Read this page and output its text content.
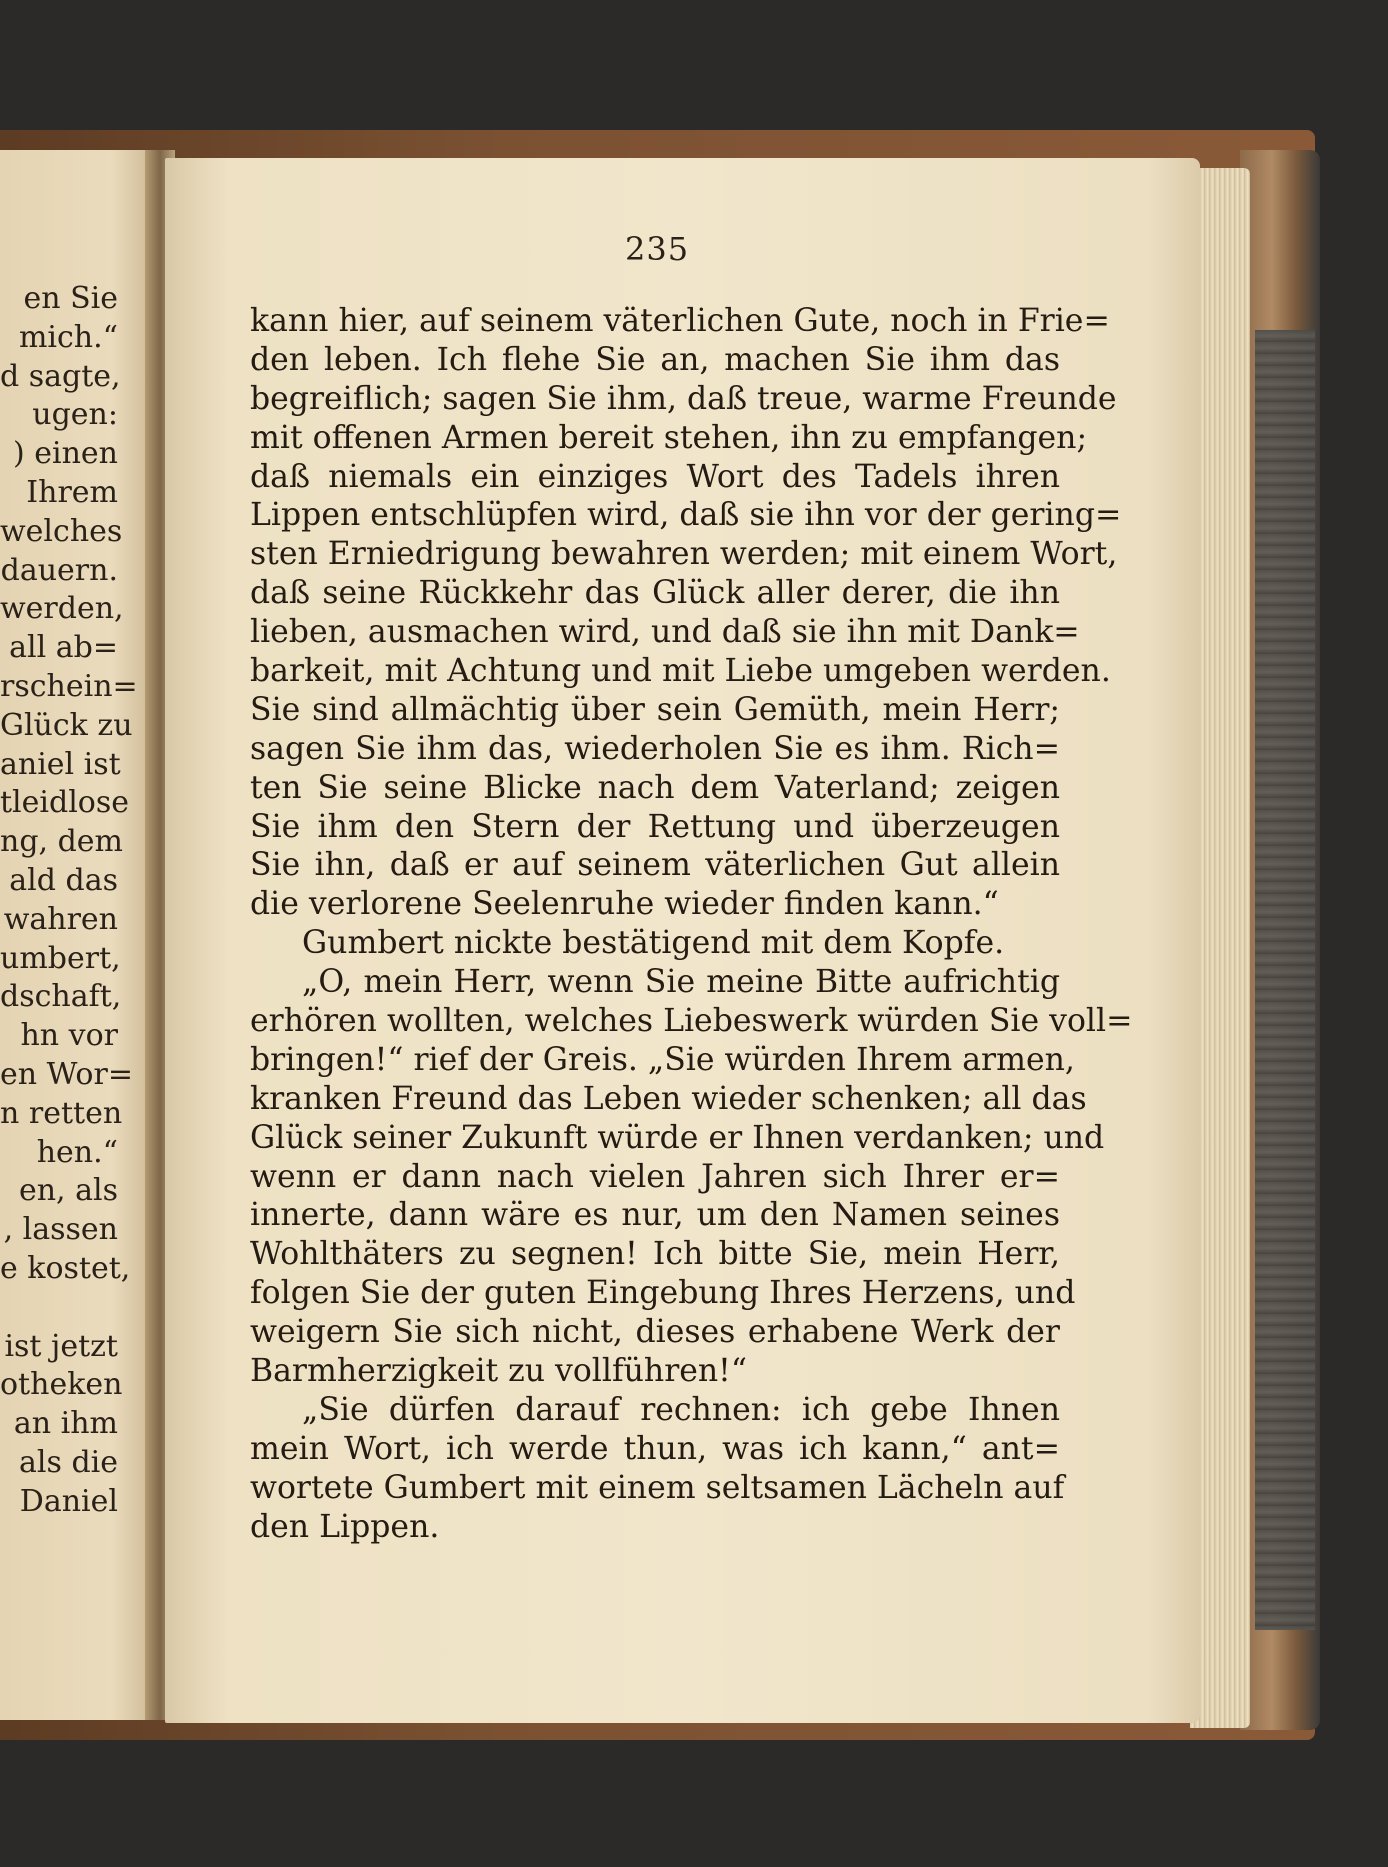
en Sie
mich.“
d sagte,
ugen:
) einen
Ihrem
welches
dauern.
werden,
all ab=
rschein=
Glück zu
aniel ist
tleidlose
ng, dem
ald das
wahren
umbert,
dschaft,
hn vor
en Wor=
n retten
hen.“
en, als
, lassen
e kostet,
ist jetzt
otheken
an ihm
als die
Daniel
235
kann hier, auf seinem väterlichen Gute, noch in Frie=
den leben. Ich flehe Sie an, machen Sie ihm das
begreiflich; sagen Sie ihm, daß treue, warme Freunde
mit offenen Armen bereit stehen, ihn zu empfangen;
daß niemals ein einziges Wort des Tadels ihren
Lippen entschlüpfen wird, daß sie ihn vor der gering=
sten Erniedrigung bewahren werden; mit einem Wort,
daß seine Rückkehr das Glück aller derer, die ihn
lieben, ausmachen wird, und daß sie ihn mit Dank=
barkeit, mit Achtung und mit Liebe umgeben werden.
Sie sind allmächtig über sein Gemüth, mein Herr;
sagen Sie ihm das, wiederholen Sie es ihm. Rich=
ten Sie seine Blicke nach dem Vaterland; zeigen
Sie ihm den Stern der Rettung und überzeugen
Sie ihn, daß er auf seinem väterlichen Gut allein
die verlorene Seelenruhe wieder finden kann.“
Gumbert nickte bestätigend mit dem Kopfe.
„O, mein Herr, wenn Sie meine Bitte aufrichtig
erhören wollten, welches Liebeswerk würden Sie voll=
bringen!“ rief der Greis. „Sie würden Ihrem armen,
kranken Freund das Leben wieder schenken; all das
Glück seiner Zukunft würde er Ihnen verdanken; und
wenn er dann nach vielen Jahren sich Ihrer er=
innerte, dann wäre es nur, um den Namen seines
Wohlthäters zu segnen! Ich bitte Sie, mein Herr,
folgen Sie der guten Eingebung Ihres Herzens, und
weigern Sie sich nicht, dieses erhabene Werk der
Barmherzigkeit zu vollführen!“
„Sie dürfen darauf rechnen: ich gebe Ihnen
mein Wort, ich werde thun, was ich kann,“ ant=
wortete Gumbert mit einem seltsamen Lächeln auf
den Lippen.
